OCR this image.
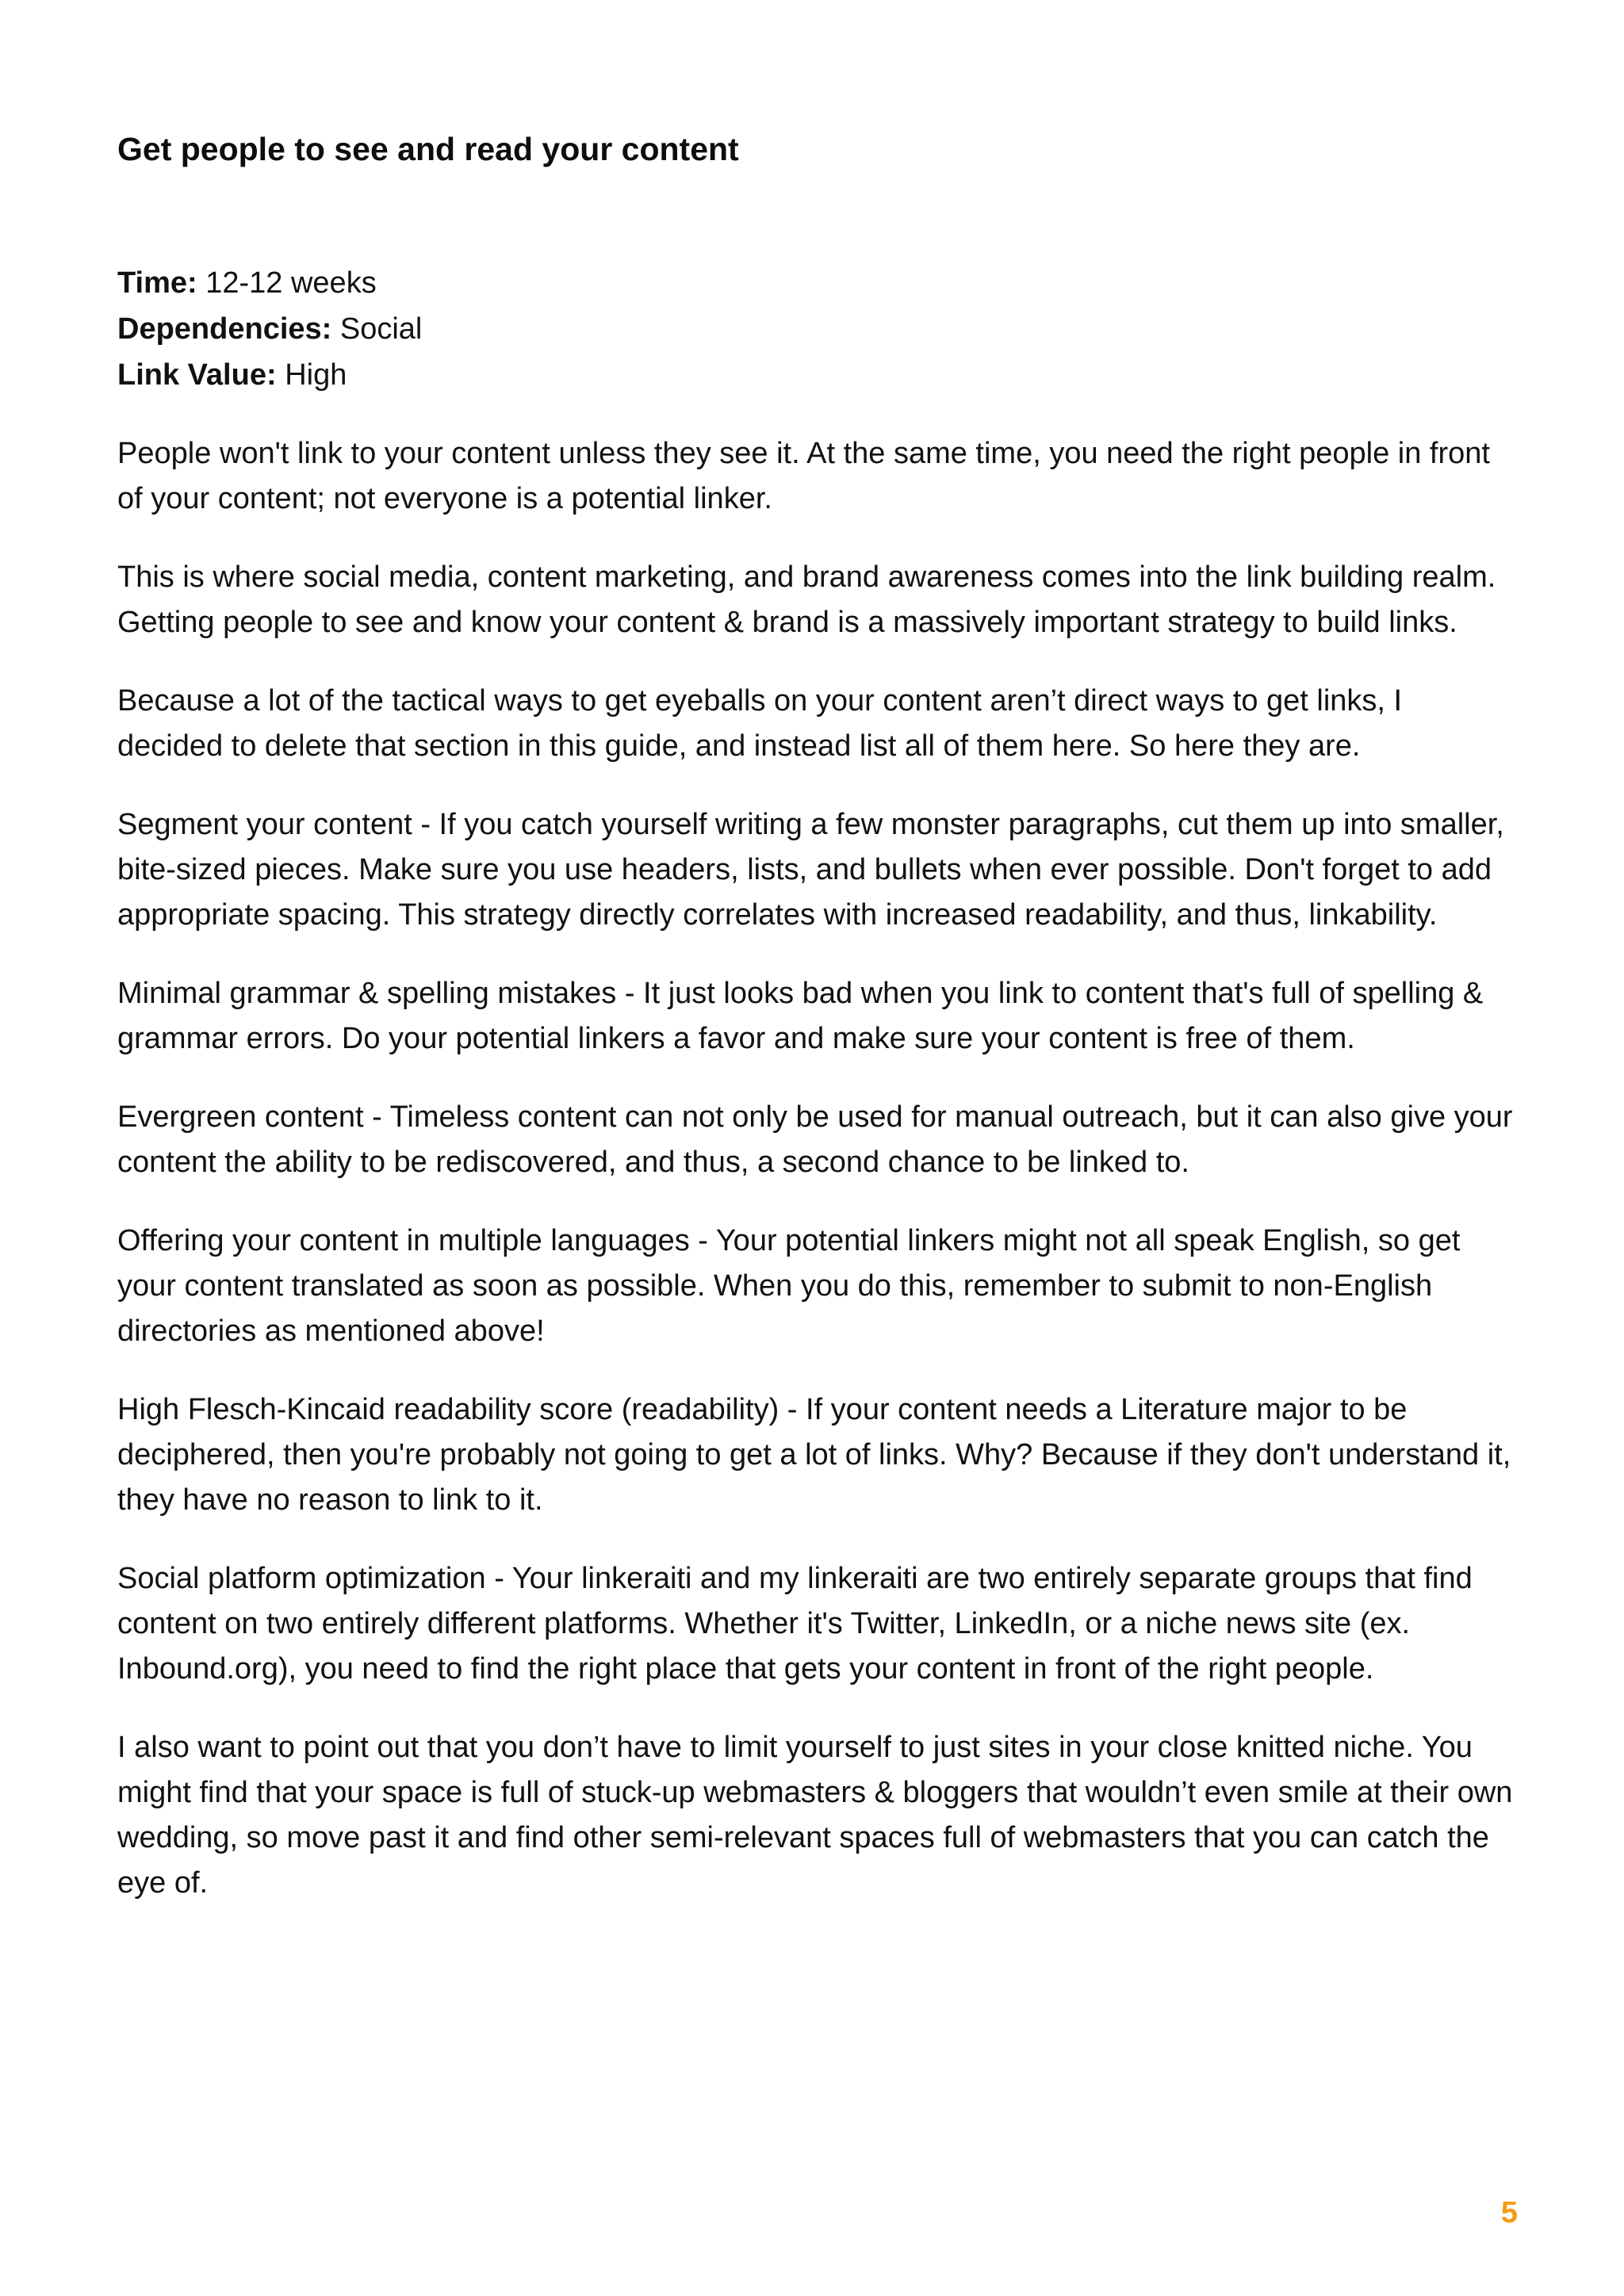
Get people to see and read your content
Time: 12-12 weeks
Dependencies: Social
Link Value: High

People won't link to your content unless they see it. At the same time, you need the right people in front of your content; not everyone is a potential linker.

This is where social media, content marketing, and brand awareness comes into the link building realm. Getting people to see and know your content & brand is a massively important strategy to build links.

Because a lot of the tactical ways to get eyeballs on your content aren’t direct ways to get links, I decided to delete that section in this guide, and instead list all of them here. So here they are.

Segment your content - If you catch yourself writing a few monster paragraphs, cut them up into smaller, bite-sized pieces. Make sure you use headers, lists, and bullets when ever possible. Don't forget to add appropriate spacing. This strategy directly correlates with increased readability, and thus, linkability.

Minimal grammar & spelling mistakes - It just looks bad when you link to content that's full of spelling & grammar errors. Do your potential linkers a favor and make sure your content is free of them.

Evergreen content - Timeless content can not only be used for manual outreach, but it can also give your content the ability to be rediscovered, and thus, a second chance to be linked to.

Offering your content in multiple languages - Your potential linkers might not all speak English, so get your content translated as soon as possible. When you do this, remember to submit to non-English directories as mentioned above!

High Flesch-Kincaid readability score (readability) - If your content needs a Literature major to be deciphered, then you're probably not going to get a lot of links. Why? Because if they don't understand it, they have no reason to link to it.

Social platform optimization - Your linkeraiti and my linkeraiti are two entirely separate groups that find content on two entirely different platforms. Whether it's Twitter, LinkedIn, or a niche news site (ex. Inbound.org), you need to find the right place that gets your content in front of the right people.

I also want to point out that you don’t have to limit yourself to just sites in your close knitted niche. You might find that your space is full of stuck-up webmasters & bloggers that wouldn’t even smile at their own wedding, so move past it and find other semi-relevant spaces full of webmasters that you can catch the eye of.

5
